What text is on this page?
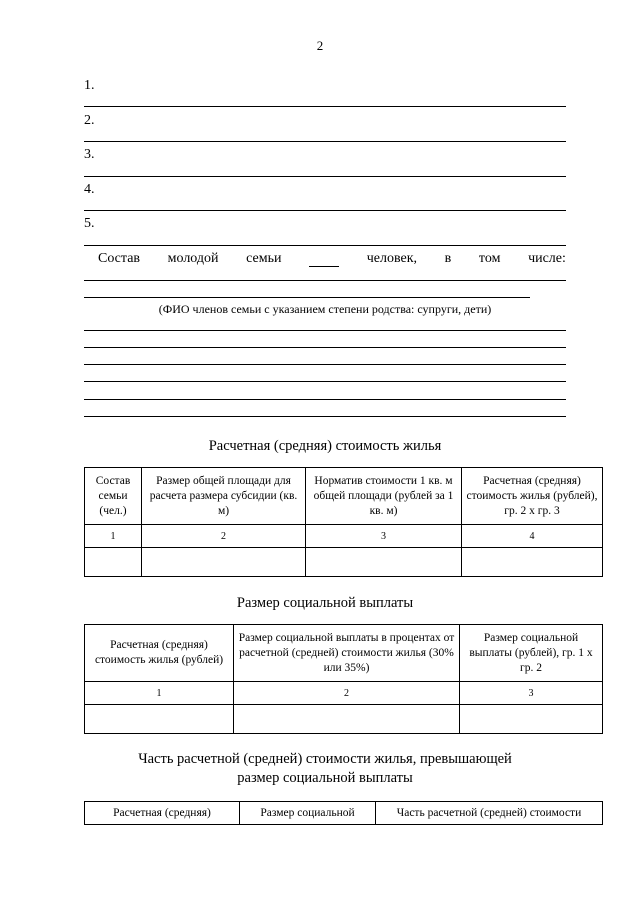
2
1.
2.
3.
4.
5.
Состав молодой семьи	человек, в том числе:
(ФИО членов семьи с указанием степени родства: супруги, дети)
Расчетная (средняя) стоимость жилья
Состав семьи (чел.)	Размер общей площади для расчета размера субсидии (кв. м)	Норматив стоимости 1 кв. м общей площади (рублей за 1 кв. м)	Расчетная (средняя) стоимость жилья (рублей), гр. 2 х гр. 3
1	2	3	4

Размер социальной выплаты
Расчетная (средняя) стоимость жилья (рублей)	Размер социальной выплаты в процентах от расчетной (средней) стоимости жилья (30% или 35%)	Размер социальной выплаты (рублей), гр. 1 х гр. 2
1	2	3

Часть расчетной (средней) стоимости жилья, превышающей
размер социальной выплаты
Расчетная (средняя)	Размер социальной	Часть расчетной (средней) стоимости
